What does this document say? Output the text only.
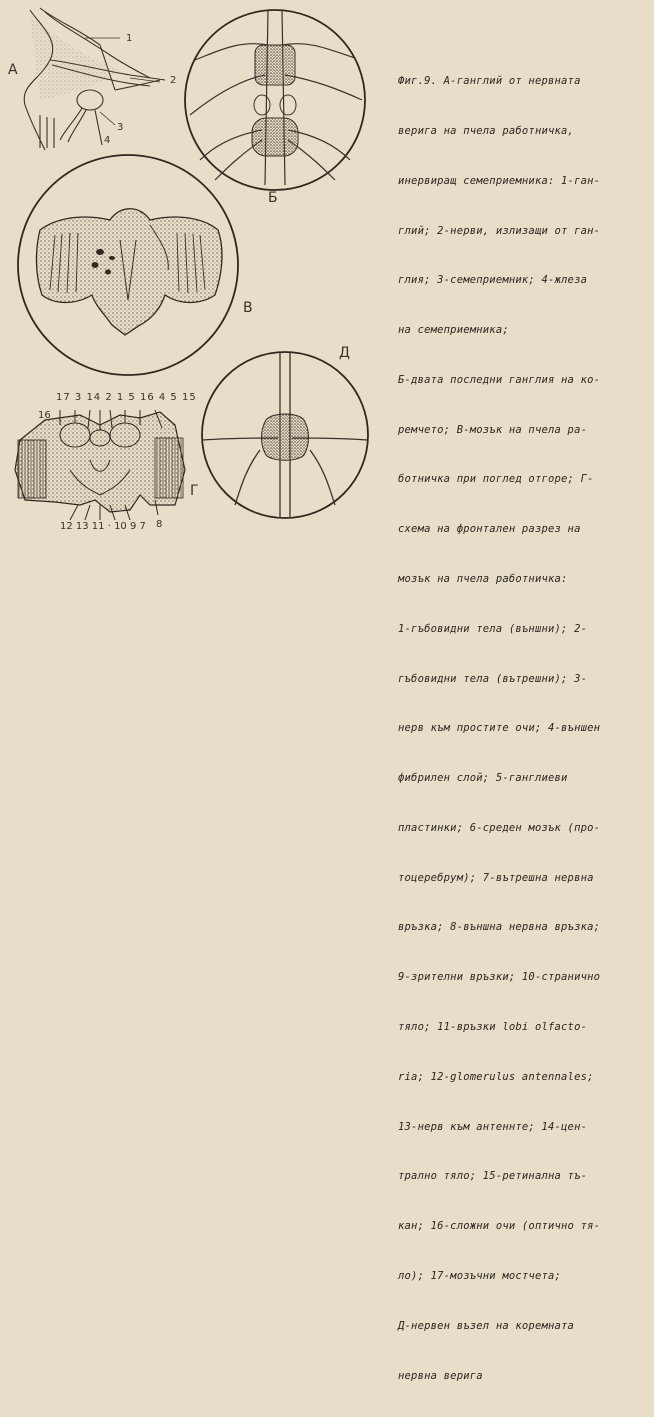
А
1
2
3
4
Б
В
Д
17 3 14 2 1 5 16 4 5 15
16
12 13 11 · 10 9 7 8
Г

Фиг.9. А-ганглий от нервната

верига на пчела работничка,

инервиращ семеприемника: 1-ган-

глий; 2-нерви, излизащи от ган-

глия; 3-семеприемник; 4-жлеза

на семеприемника;

Б-двата последни ганглия на ко-

ремчето; В-мозък на пчела ра-

ботничка при поглед отгоре; Г-

схема на фронтален разрез на

мозък на пчела работничка:

1-гъбовидни тела (външни); 2-

гъбовидни тела (вътрешни); 3-

нерв към простите очи; 4-външен

фибрилен слой; 5-ганглиеви

пластинки; 6-среден мозък (про-

тоцеребрум); 7-вътрешна нервна

връзка; 8-външна нервна връзка;

9-зрителни връзки; 10-странично

тяло; 11-връзки lobi olfacto-

ria; 12-glomerulus antennales;

13-нерв към антеннте; 14-цен-

трално тяло; 15-ретинална тъ-

кан; 16-сложни очи (оптично тя-

ло); 17-мозъчни мостчета;

Д-нервен възел на коремната

нервна верига
